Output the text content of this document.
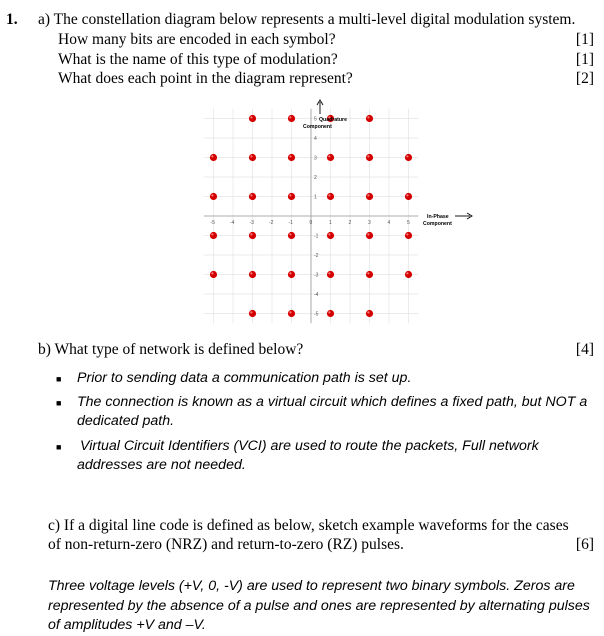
1. a) The constellation diagram below represents a multi-level digital modulation system.
How many bits are encoded in each symbol?	[1]
What is the name of this type of modulation?	[1]
What does each point in the diagram represent?	[2]
-5	-4	-3	-2	-1	0	1	2	3	4	5
5
4
3
2
1
-1
-2
-3
-4
-5
Quadrature
Component
In-Phase
Component
b) What type of network is defined below?	[4]
■ Prior to sending data a communication path is set up.
■ The connection is known as a virtual circuit which defines a fixed path, but NOT a
dedicated path.
■ Virtual Circuit Identifiers (VCI) are used to route the packets, Full network
addresses are not needed.
c) If a digital line code is defined as below, sketch example waveforms for the cases
of non-return-zero (NRZ) and return-to-zero (RZ) pulses.	[6]
Three voltage levels (+V, 0, -V) are used to represent two binary symbols. Zeros are
represented by the absence of a pulse and ones are represented by alternating pulses
of amplitudes +V and –V.
